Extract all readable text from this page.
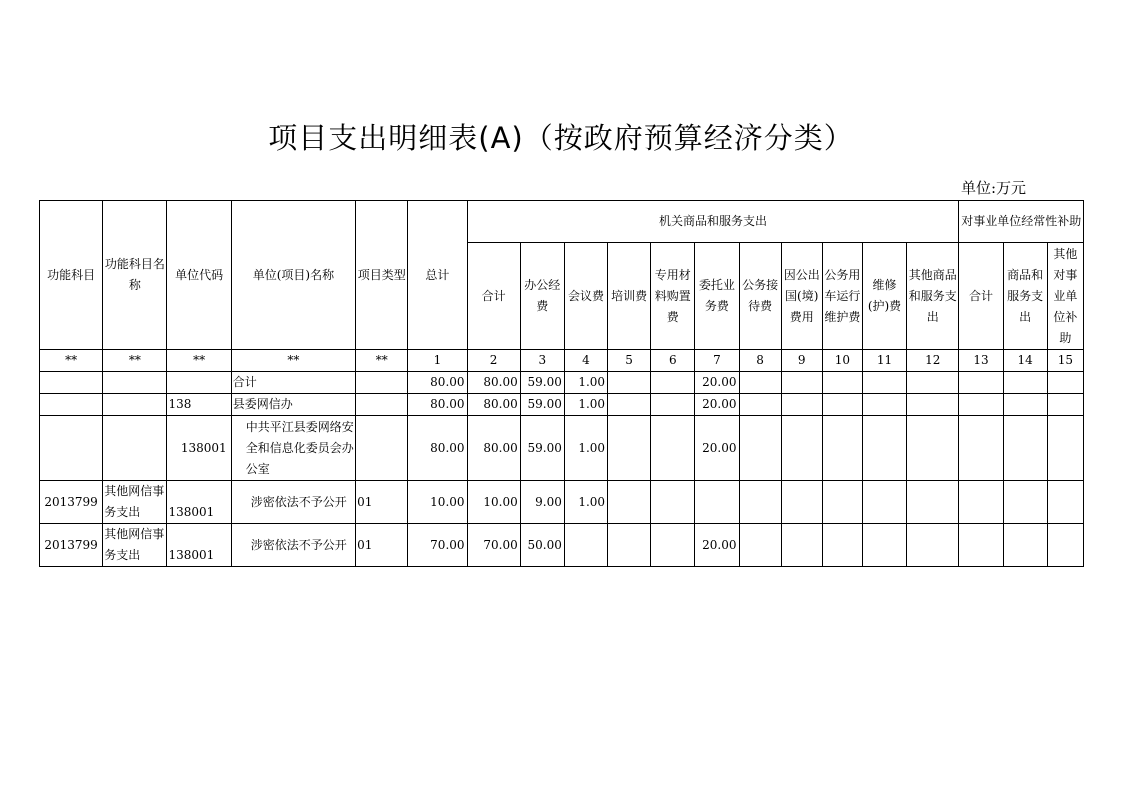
项目支出明细表(A)（按政府预算经济分类）
单位:万元
功能科目	功能科目名称	单位代码	单位(项目)名称	项目类型	总计	机关商品和服务支出											对事业单位经常性补助		
						合计	办公经费	会议费	培训费	专用材料购置费	委托业务费	公务接待费	因公出国(境)费用	公务用车运行维护费	维修(护)费	其他商品和服务支出	合计	商品和服务支出	其他对事业单位补助
**	**	**	**	**	1	2	3	4	5	6	7	8	9	10	11	12	13	14	15
			合计		80.00	80.00	59.00	1.00			20.00								
		138	县委网信办		80.00	80.00	59.00	1.00			20.00								
		138001	中共平江县委网络安全和信息化委员会办公室		80.00	80.00	59.00	1.00			20.00								
2013799	其他网信事务支出	138001	涉密依法不予公开	01	10.00	10.00	9.00	1.00											
2013799	其他网信事务支出	138001	涉密依法不予公开	01	70.00	70.00	50.00				20.00								
